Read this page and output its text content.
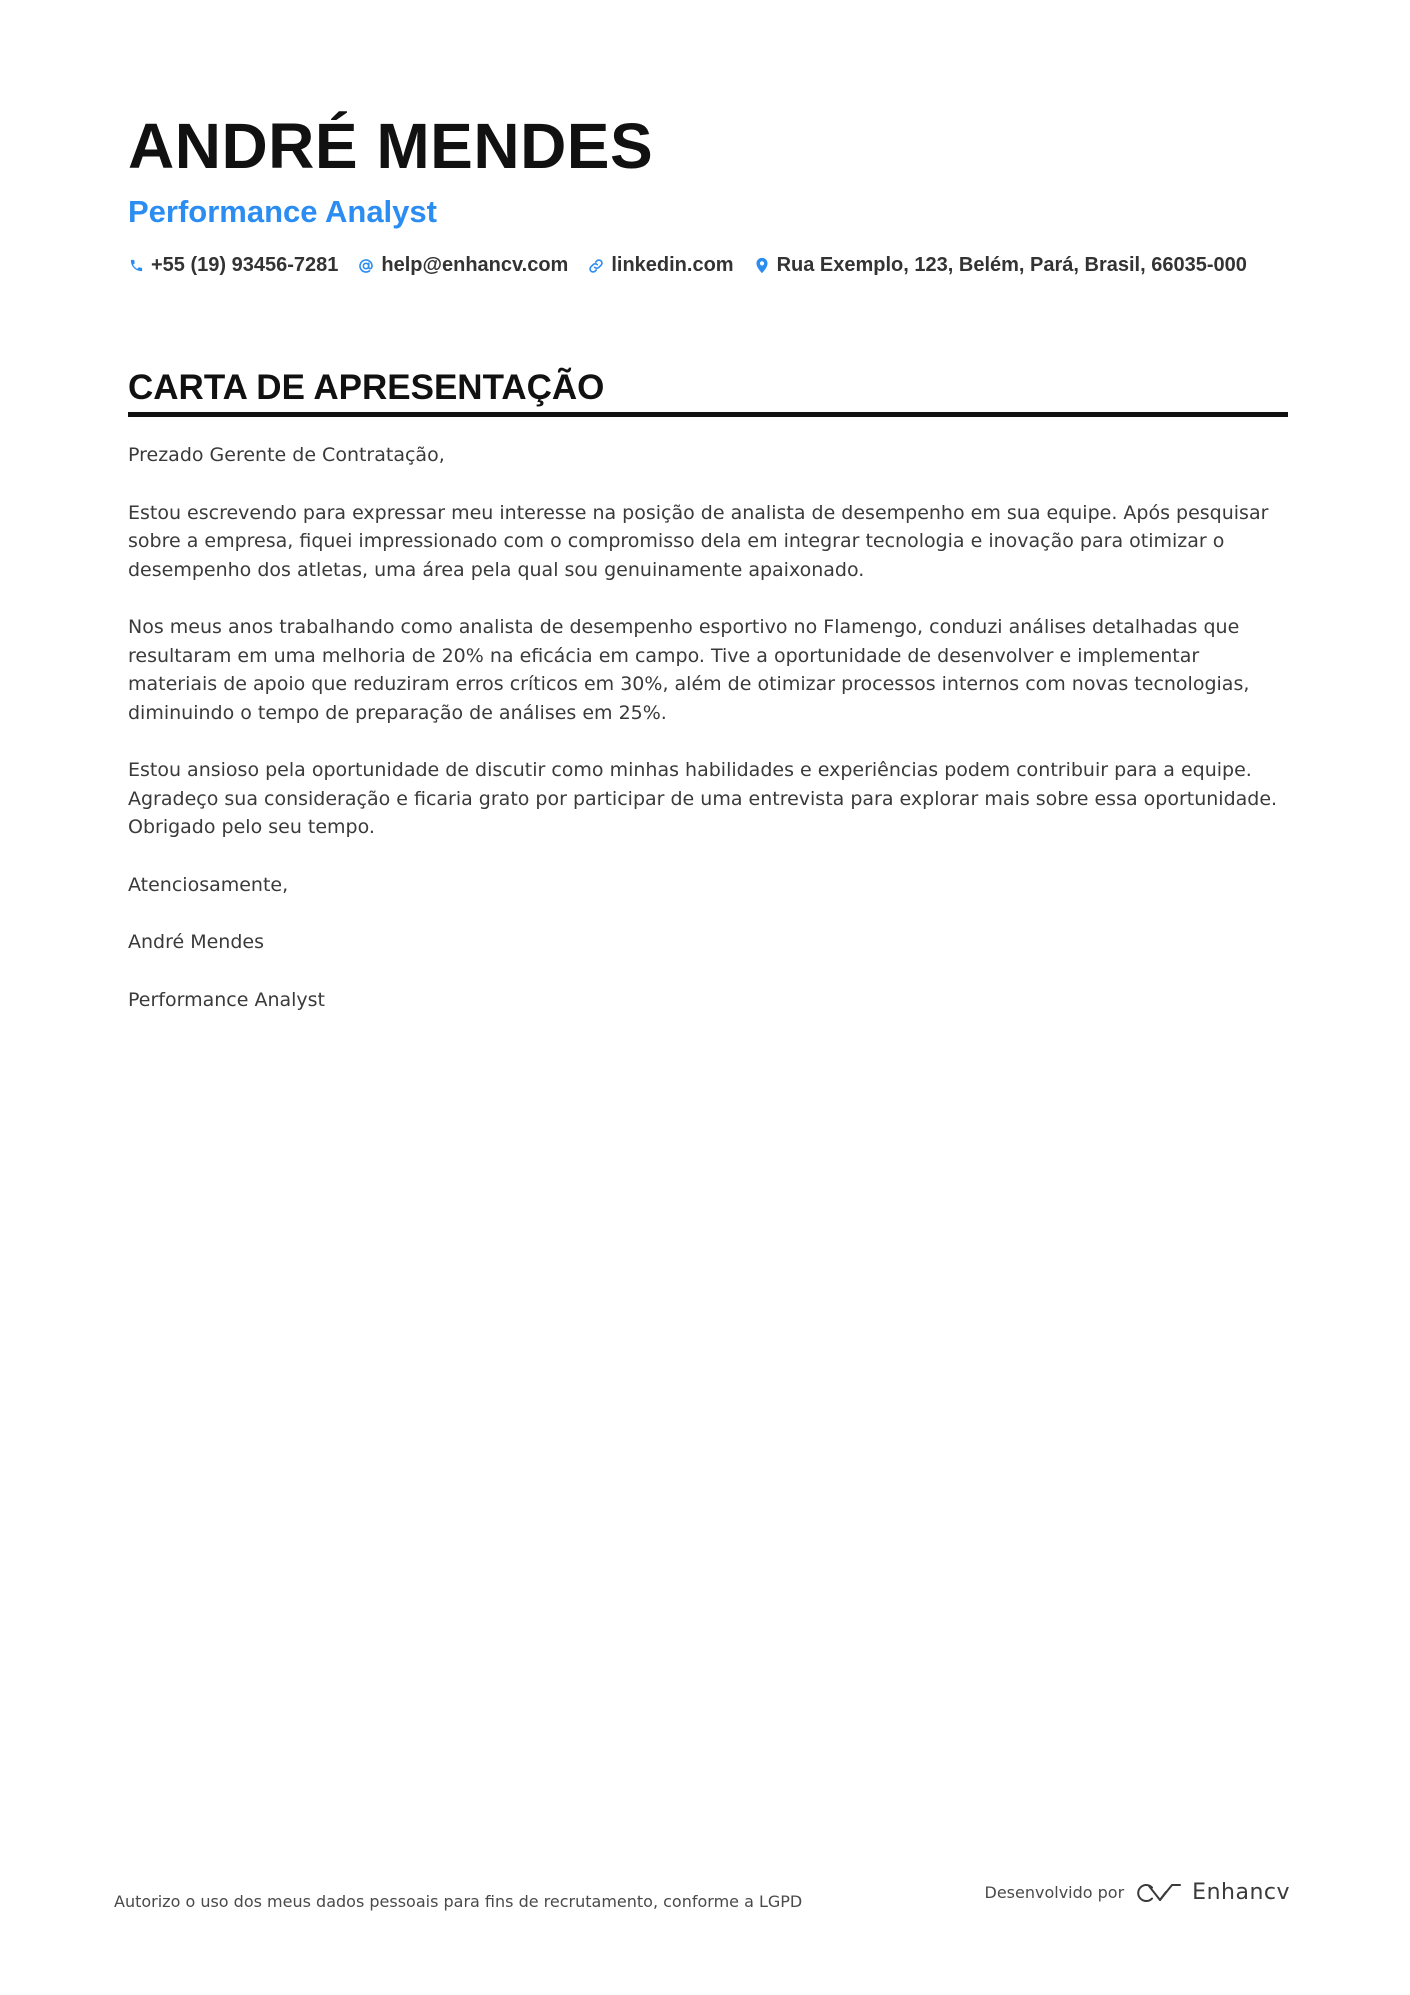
ANDRÉ MENDES
Performance Analyst
+55 (19) 93456-7281 help@enhancv.com linkedin.com Rua Exemplo, 123, Belém, Pará, Brasil, 66035-000
CARTA DE APRESENTAÇÃO

Prezado Gerente de Contratação,

Estou escrevendo para expressar meu interesse na posição de analista de desempenho em sua equipe. Após pesquisar sobre a empresa, fiquei impressionado com o compromisso dela em integrar tecnologia e inovação para otimizar o desempenho dos atletas, uma área pela qual sou genuinamente apaixonado.

Nos meus anos trabalhando como analista de desempenho esportivo no Flamengo, conduzi análises detalhadas que resultaram em uma melhoria de 20% na eficácia em campo. Tive a oportunidade de desenvolver e implementar materiais de apoio que reduziram erros críticos em 30%, além de otimizar processos internos com novas tecnologias, diminuindo o tempo de preparação de análises em 25%.

Estou ansioso pela oportunidade de discutir como minhas habilidades e experiências podem contribuir para a equipe. Agradeço sua consideração e ficaria grato por participar de uma entrevista para explorar mais sobre essa oportunidade. Obrigado pelo seu tempo.

Atenciosamente,

André Mendes

Performance Analyst

Autorizo o uso dos meus dados pessoais para fins de recrutamento, conforme a LGPD	Desenvolvido por	Enhancv
